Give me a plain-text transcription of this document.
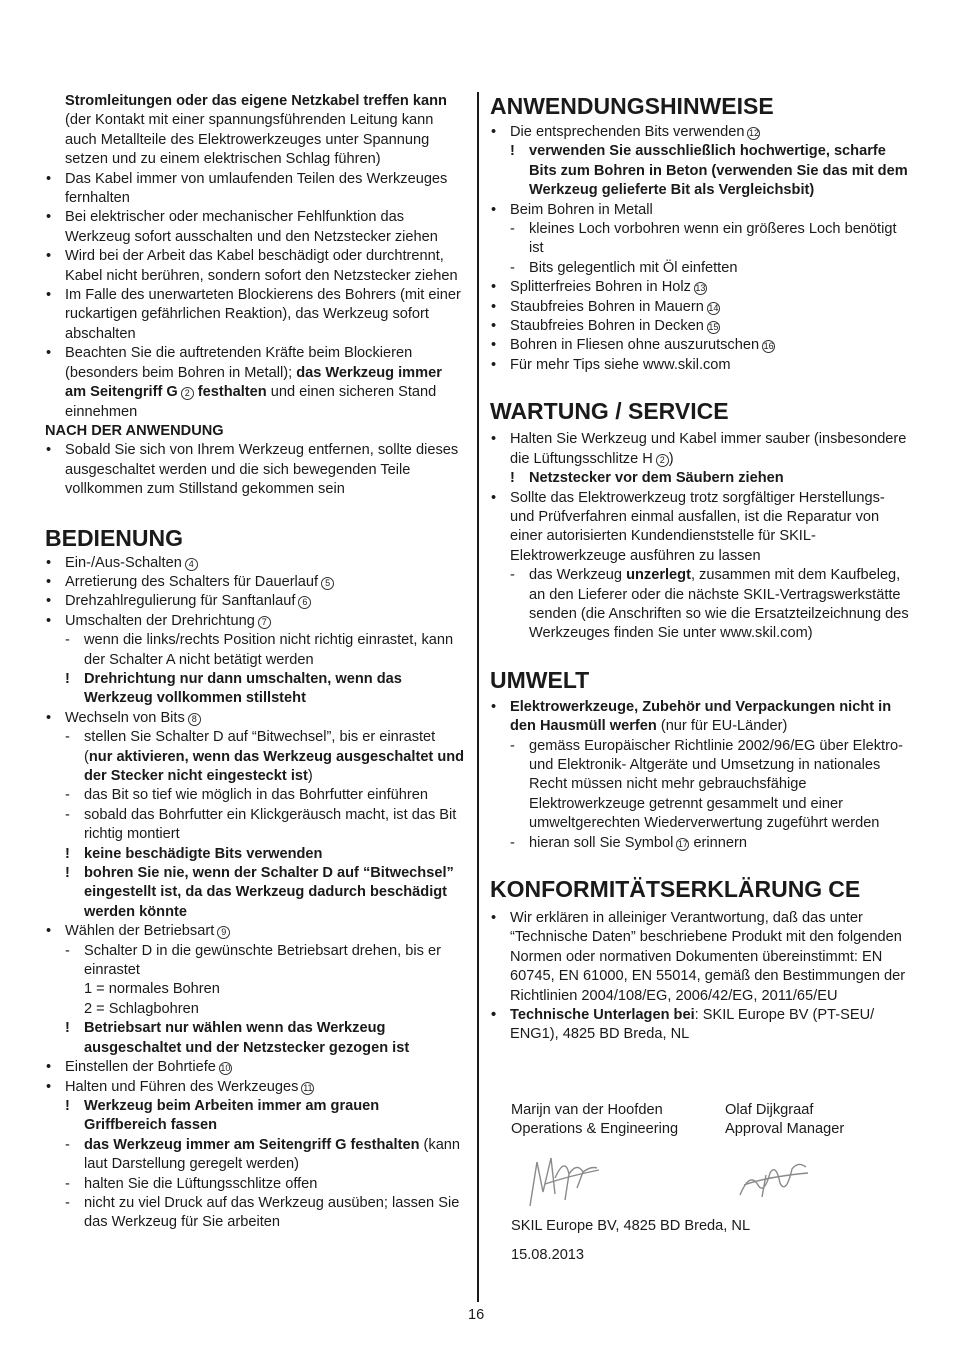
Stromleitungen oder das eigene Netzkabel treffen kann (der Kontakt mit einer spannungsführenden Leitung kann auch Metallteile des Elektrowerkzeuges unter Spannung setzen und zu einem elektrischen Schlag führen)
• Das Kabel immer von umlaufenden Teilen des Werkzeuges fernhalten
• Bei elektrischer oder mechanischer Fehlfunktion das Werkzeug sofort ausschalten und den Netzstecker ziehen
• Wird bei der Arbeit das Kabel beschädigt oder durchtrennt, Kabel nicht berühren, sondern sofort den Netzstecker ziehen
• Im Falle des unerwarteten Blockierens des Bohrers (mit einer ruckartigen gefährlichen Reaktion), das Werkzeug sofort abschalten
• Beachten Sie die auftretenden Kräfte beim Blockieren (besonders beim Bohren in Metall); das Werkzeug immer am Seitengriff G 2 festhalten und einen sicheren Stand einnehmen
NACH DER ANWENDUNG
• Sobald Sie sich von Ihrem Werkzeug entfernen, sollte dieses ausgeschaltet werden und die sich bewegenden Teile vollkommen zum Stillstand gekommen sein
BEDIENUNG
• Ein-/Aus-Schalten 4
• Arretierung des Schalters für Dauerlauf 5
• Drehzahlregulierung für Sanftanlauf 6
• Umschalten der Drehrichtung 7
- wenn die links/rechts Position nicht richtig einrastet, kann der Schalter A nicht betätigt werden
! Drehrichtung nur dann umschalten, wenn das Werkzeug vollkommen stillsteht
• Wechseln von Bits 8
- stellen Sie Schalter D auf “Bitwechsel”, bis er einrastet (nur aktivieren, wenn das Werkzeug ausgeschaltet und der Stecker nicht eingesteckt ist)
- das Bit so tief wie möglich in das Bohrfutter einführen
- sobald das Bohrfutter ein Klickgeräusch macht, ist das Bit richtig montiert
! keine beschädigte Bits verwenden
! bohren Sie nie, wenn der Schalter D auf “Bitwechsel” eingestellt ist, da das Werkzeug dadurch beschädigt werden könnte
• Wählen der Betriebsart 9
- Schalter D in die gewünschte Betriebsart drehen, bis er einrastet
1 = normales Bohren
2 = Schlagbohren
! Betriebsart nur wählen wenn das Werkzeug ausgeschaltet und der Netzstecker gezogen ist
• Einstellen der Bohrtiefe 10
• Halten und Führen des Werkzeuges 11
! Werkzeug beim Arbeiten immer am grauen Griffbereich fassen
- das Werkzeug immer am Seitengriff G festhalten (kann laut Darstellung geregelt werden)
- halten Sie die Lüftungsschlitze offen
- nicht zu viel Druck auf das Werkzeug ausüben; lassen Sie das Werkzeug für Sie arbeiten
ANWENDUNGSHINWEISE
• Die entsprechenden Bits verwenden 12
! verwenden Sie ausschließlich hochwertige, scharfe Bits zum Bohren in Beton (verwenden Sie das mit dem Werkzeug gelieferte Bit als Vergleichsbit)
• Beim Bohren in Metall
- kleines Loch vorbohren wenn ein größeres Loch benötigt ist
- Bits gelegentlich mit Öl einfetten
• Splitterfreies Bohren in Holz 13
• Staubfreies Bohren in Mauern 14
• Staubfreies Bohren in Decken 15
• Bohren in Fliesen ohne auszurutschen 16
• Für mehr Tips siehe www.skil.com
WARTUNG / SERVICE
• Halten Sie Werkzeug und Kabel immer sauber (insbesondere die Lüftungsschlitze H 2 )
! Netzstecker vor dem Säubern ziehen
• Sollte das Elektrowerkzeug trotz sorgfältiger Herstellungs- und Prüfverfahren einmal ausfallen, ist die Reparatur von einer autorisierten Kundendienststelle für SKIL-Elektrowerkzeuge ausführen zu lassen
- das Werkzeug unzerlegt, zusammen mit dem Kaufbeleg, an den Lieferer oder die nächste SKIL-Vertragswerkstätte senden (die Anschriften so wie die Ersatzteilzeichnung des Werkzeuges finden Sie unter www.skil.com)
UMWELT
• Elektrowerkzeuge, Zubehör und Verpackungen nicht in den Hausmüll werfen (nur für EU-Länder)
- gemäss Europäischer Richtlinie 2002/96/EG über Elektro- und Elektronik- Altgeräte und Umsetzung in nationales Recht müssen nicht mehr gebrauchsfähige Elektrowerkzeuge getrennt gesammelt und einer umweltgerechten Wiederverwertung zugeführt werden
- hieran soll Sie Symbol 17 erinnern
KONFORMITÄTSERKLÄRUNG CE
• Wir erklären in alleiniger Verantwortung, daß das unter “Technische Daten” beschriebene Produkt mit den folgenden Normen oder normativen Dokumenten übereinstimmt: EN 60745, EN 61000, EN 55014, gemäß den Bestimmungen der Richtlinien 2004/108/EG, 2006/42/EG, 2011/65/EU
• Technische Unterlagen bei: SKIL Europe BV (PT-SEU/ ENG1), 4825 BD Breda, NL
Marijn van der Hoofden
Operations & Engineering
Olaf Dijkgraaf
Approval Manager
SKIL Europe BV, 4825 BD Breda, NL
15.08.2013
16
